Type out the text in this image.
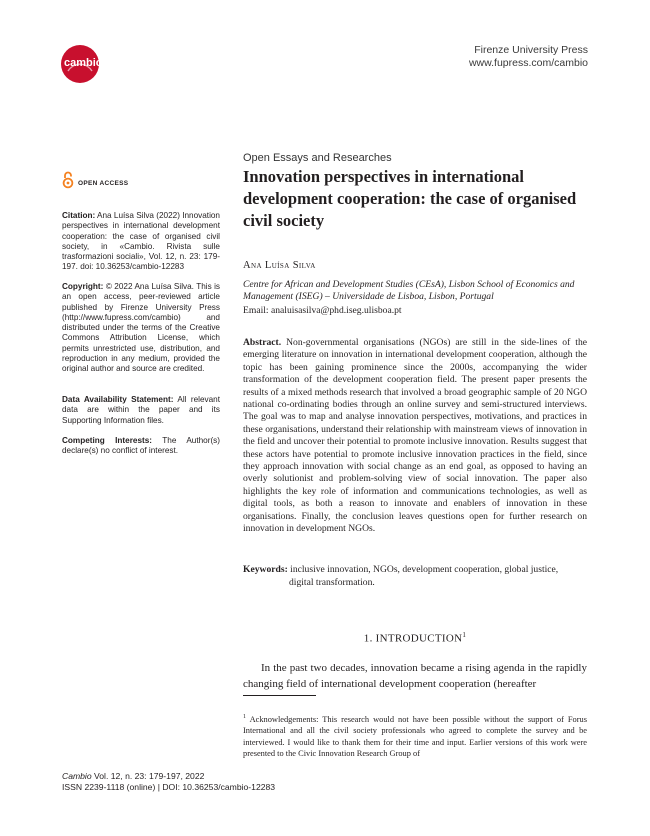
cambio
Firenze University Press
www.fupress.com/cambio
OPEN ACCESS
Citation: Ana Luísa Silva (2022) Innovation perspectives in international development cooperation: the case of organised civil society, in «Cambio. Rivista sulle trasformazioni sociali», Vol. 12, n. 23: 179-197. doi: 10.36253/cambio-12283
Copyright: © 2022 Ana Luísa Silva. This is an open access, peer-reviewed article published by Firenze University Press (http://www.fupress.com/cambio) and distributed under the terms of the Creative Commons Attribution License, which permits unrestricted use, distribution, and reproduction in any medium, provided the original author and source are credited.
Data Availability Statement: All relevant data are within the paper and its Supporting Information files.
Competing Interests: The Author(s) declare(s) no conflict of interest.
Open Essays and Researches
Innovation perspectives in international development cooperation: the case of organised civil society
Ana Luísa Silva
Centre for African and Development Studies (CEsA), Lisbon School of Economics and Management (ISEG) – Universidade de Lisboa, Lisbon, Portugal
Email: analuisasilva@phd.iseg.ulisboa.pt
Abstract. Non-governmental organisations (NGOs) are still in the side-lines of the emerging literature on innovation in international development cooperation, although the topic has been gaining prominence since the 2000s, accompanying the wider transformation of the development cooperation field. The present paper presents the results of a mixed methods research that involved a broad geographic sample of 20 NGO national co-ordinating bodies through an online survey and semi-structured interviews. The goal was to map and analyse innovation perspectives, motivations, and practices in these organisations, understand their relationship with mainstream views of innovation in the field and uncover their potential to promote inclusive innovation. Results suggest that these actors have potential to promote inclusive innovation practices in the field, since they approach innovation with social change as an end goal, as opposed to having an overly solutionist and problem-solving view of social innovation. The paper also highlights the key role of information and communications technologies, as well as digital tools, as both a reason to innovate and enablers of innovation in these organisations. Finally, the conclusion leaves questions open for further research on innovation in development NGOs.
Keywords: inclusive innovation, NGOs, development cooperation, global justice,
digital transformation.
1. INTRODUCTION$^1$
In the past two decades, innovation became a rising agenda in the rapidly changing field of international development cooperation (hereafter
$^1$ Acknowledgements: This research would not have been possible without the support of Forus International and all the civil society professionals who agreed to complete the survey and be interviewed. I would like to thank them for their time and input. Earlier versions of this work were presented to the Civic Innovation Research Group of
Cambio Vol. 12, n. 23: 179-197, 2022
ISSN 2239-1118 (online) | DOI: 10.36253/cambio-12283
